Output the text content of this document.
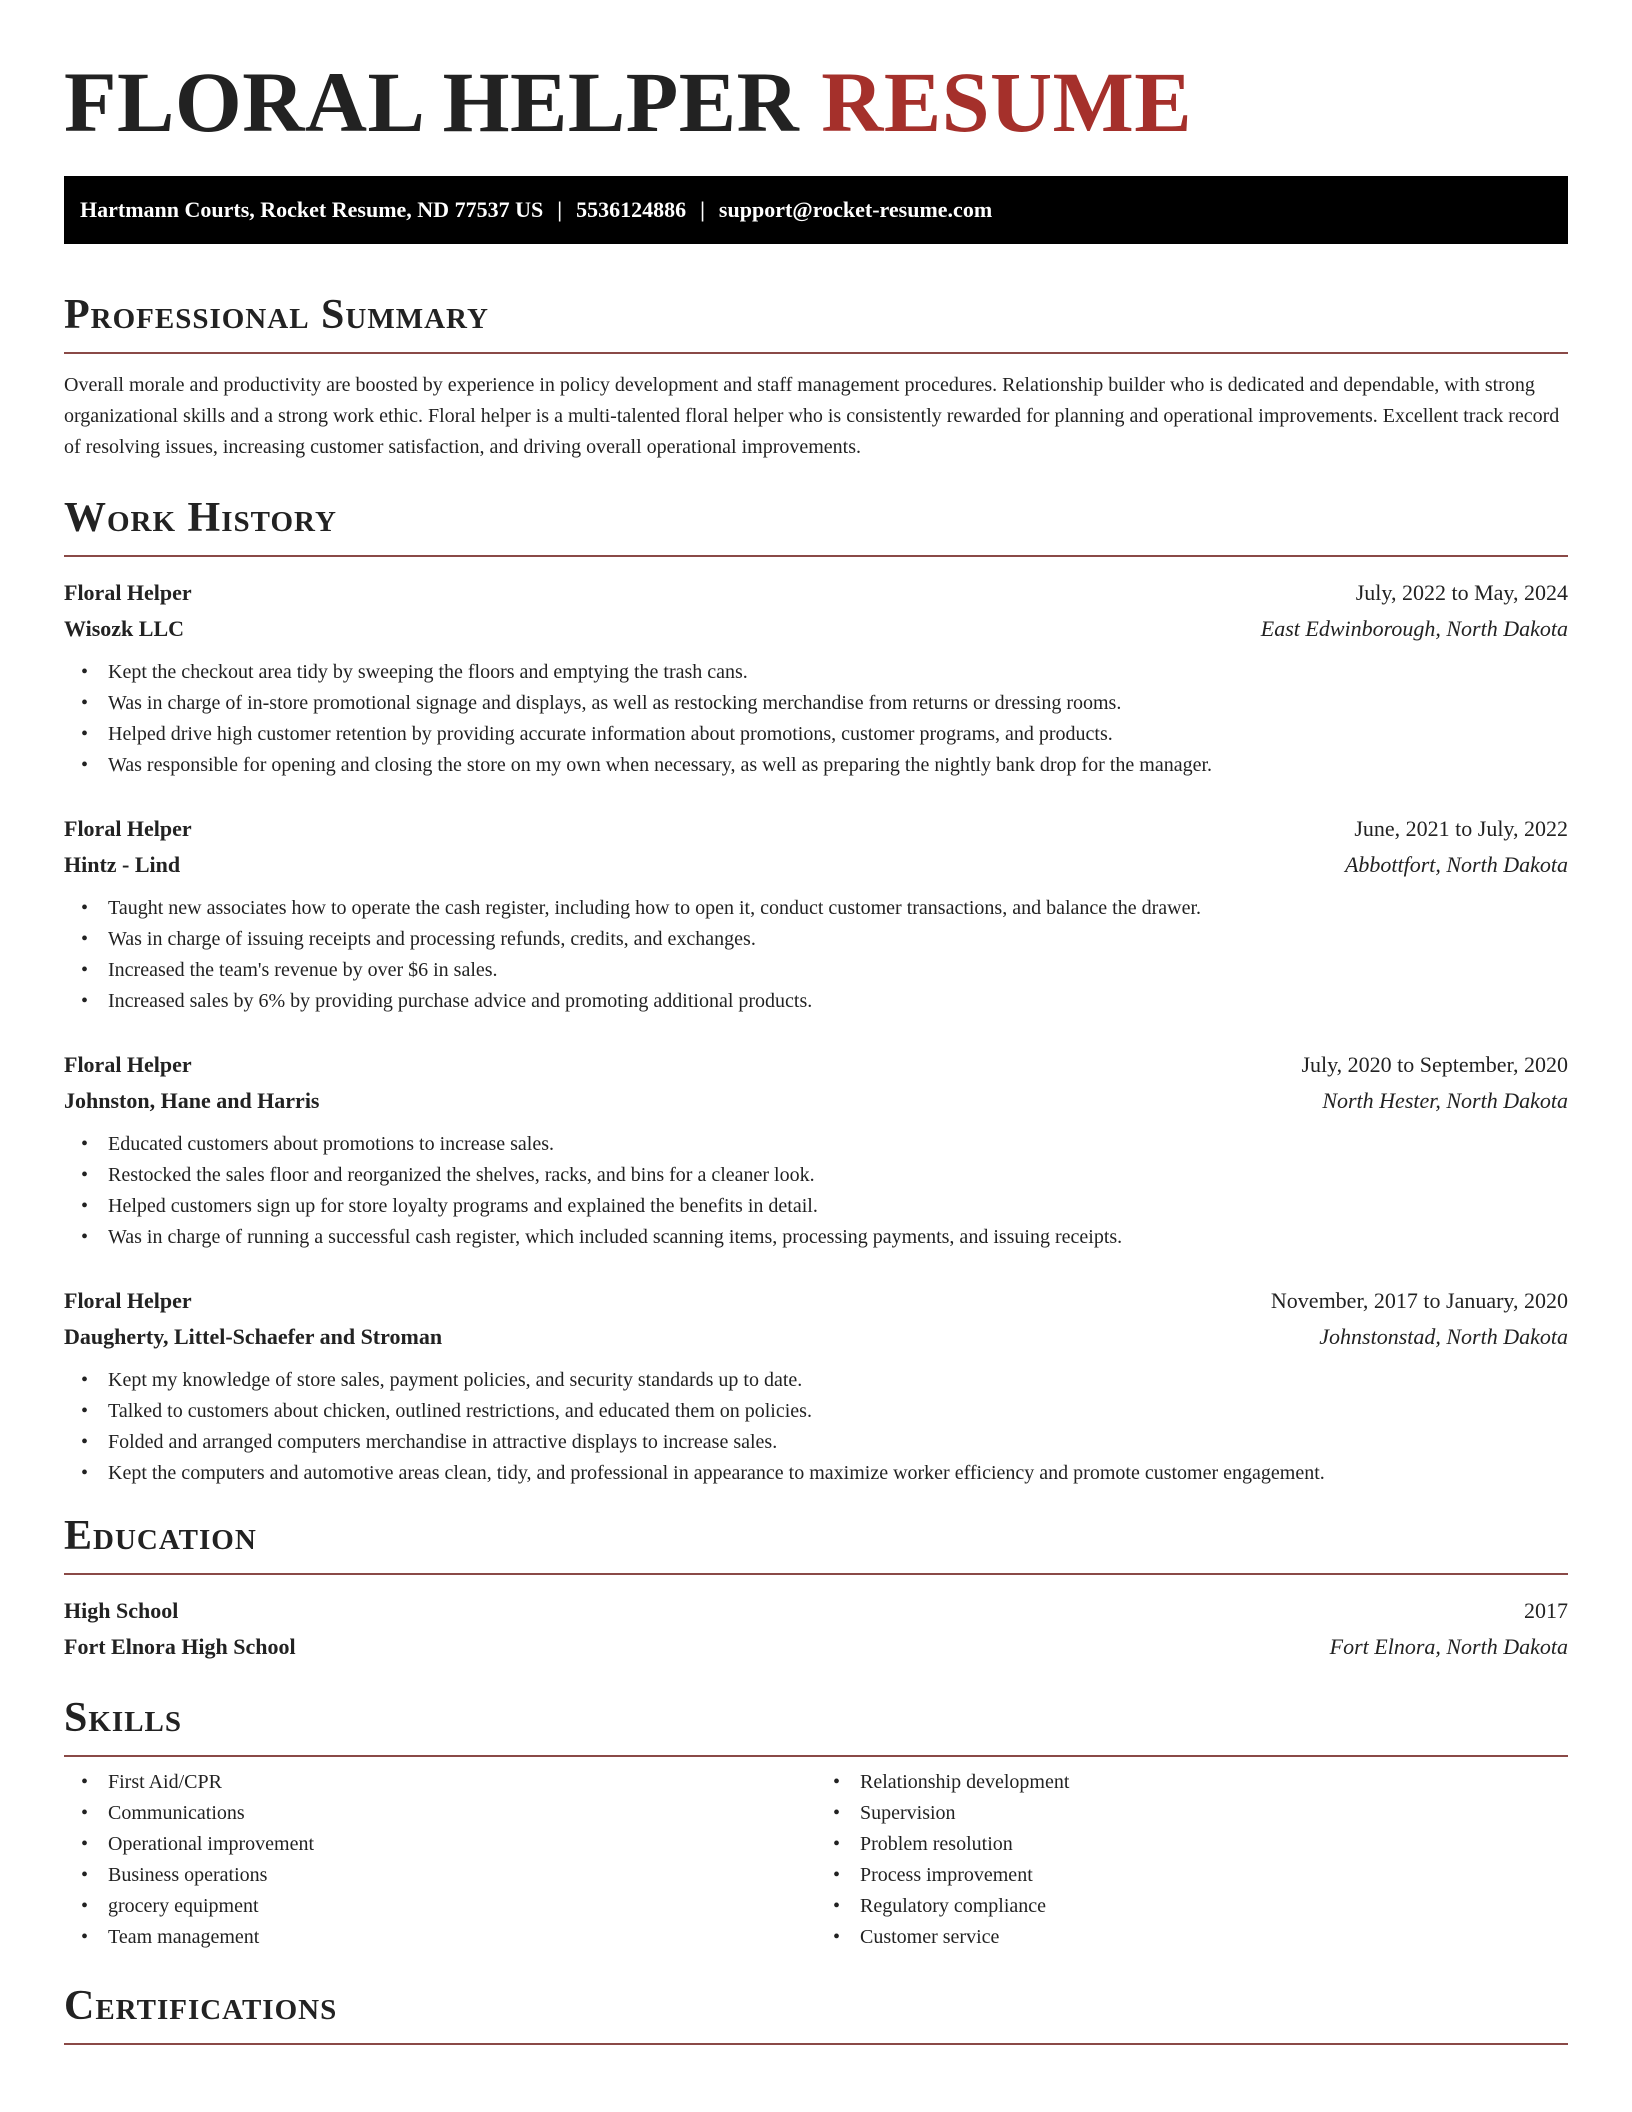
FLORAL HELPER RESUME
Hartmann Courts, Rocket Resume, ND 77537 US | 5536124886 | support@rocket-resume.com
Professional Summary

Overall morale and productivity are boosted by experience in policy development and staff management procedures. Relationship builder who is dedicated and dependable, with strong organizational skills and a strong work ethic. Floral helper is a multi-talented floral helper who is consistently rewarded for planning and operational improvements. Excellent track record of resolving issues, increasing customer satisfaction, and driving overall operational improvements.

Work History
Floral Helper	July, 2022 to May, 2024
Wisozk LLC	East Edwinborough, North Dakota
• Kept the checkout area tidy by sweeping the floors and emptying the trash cans.
• Was in charge of in-store promotional signage and displays, as well as restocking merchandise from returns or dressing rooms.
• Helped drive high customer retention by providing accurate information about promotions, customer programs, and products.
• Was responsible for opening and closing the store on my own when necessary, as well as preparing the nightly bank drop for the manager.
Floral Helper	June, 2021 to July, 2022
Hintz - Lind	Abbottfort, North Dakota
• Taught new associates how to operate the cash register, including how to open it, conduct customer transactions, and balance the drawer.
• Was in charge of issuing receipts and processing refunds, credits, and exchanges.
• Increased the team's revenue by over $6 in sales.
• Increased sales by 6% by providing purchase advice and promoting additional products.
Floral Helper	July, 2020 to September, 2020
Johnston, Hane and Harris	North Hester, North Dakota
• Educated customers about promotions to increase sales.
• Restocked the sales floor and reorganized the shelves, racks, and bins for a cleaner look.
• Helped customers sign up for store loyalty programs and explained the benefits in detail.
• Was in charge of running a successful cash register, which included scanning items, processing payments, and issuing receipts.
Floral Helper	November, 2017 to January, 2020
Daugherty, Littel-Schaefer and Stroman	Johnstonstad, North Dakota
• Kept my knowledge of store sales, payment policies, and security standards up to date.
• Talked to customers about chicken, outlined restrictions, and educated them on policies.
• Folded and arranged computers merchandise in attractive displays to increase sales.
• Kept the computers and automotive areas clean, tidy, and professional in appearance to maximize worker efficiency and promote customer engagement.
Education
High School	2017
Fort Elnora High School	Fort Elnora, North Dakota
Skills
• First Aid/CPR
• Communications
• Operational improvement
• Business operations
• grocery equipment
• Team management
• Relationship development
• Supervision
• Problem resolution
• Process improvement
• Regulatory compliance
• Customer service
Certifications
